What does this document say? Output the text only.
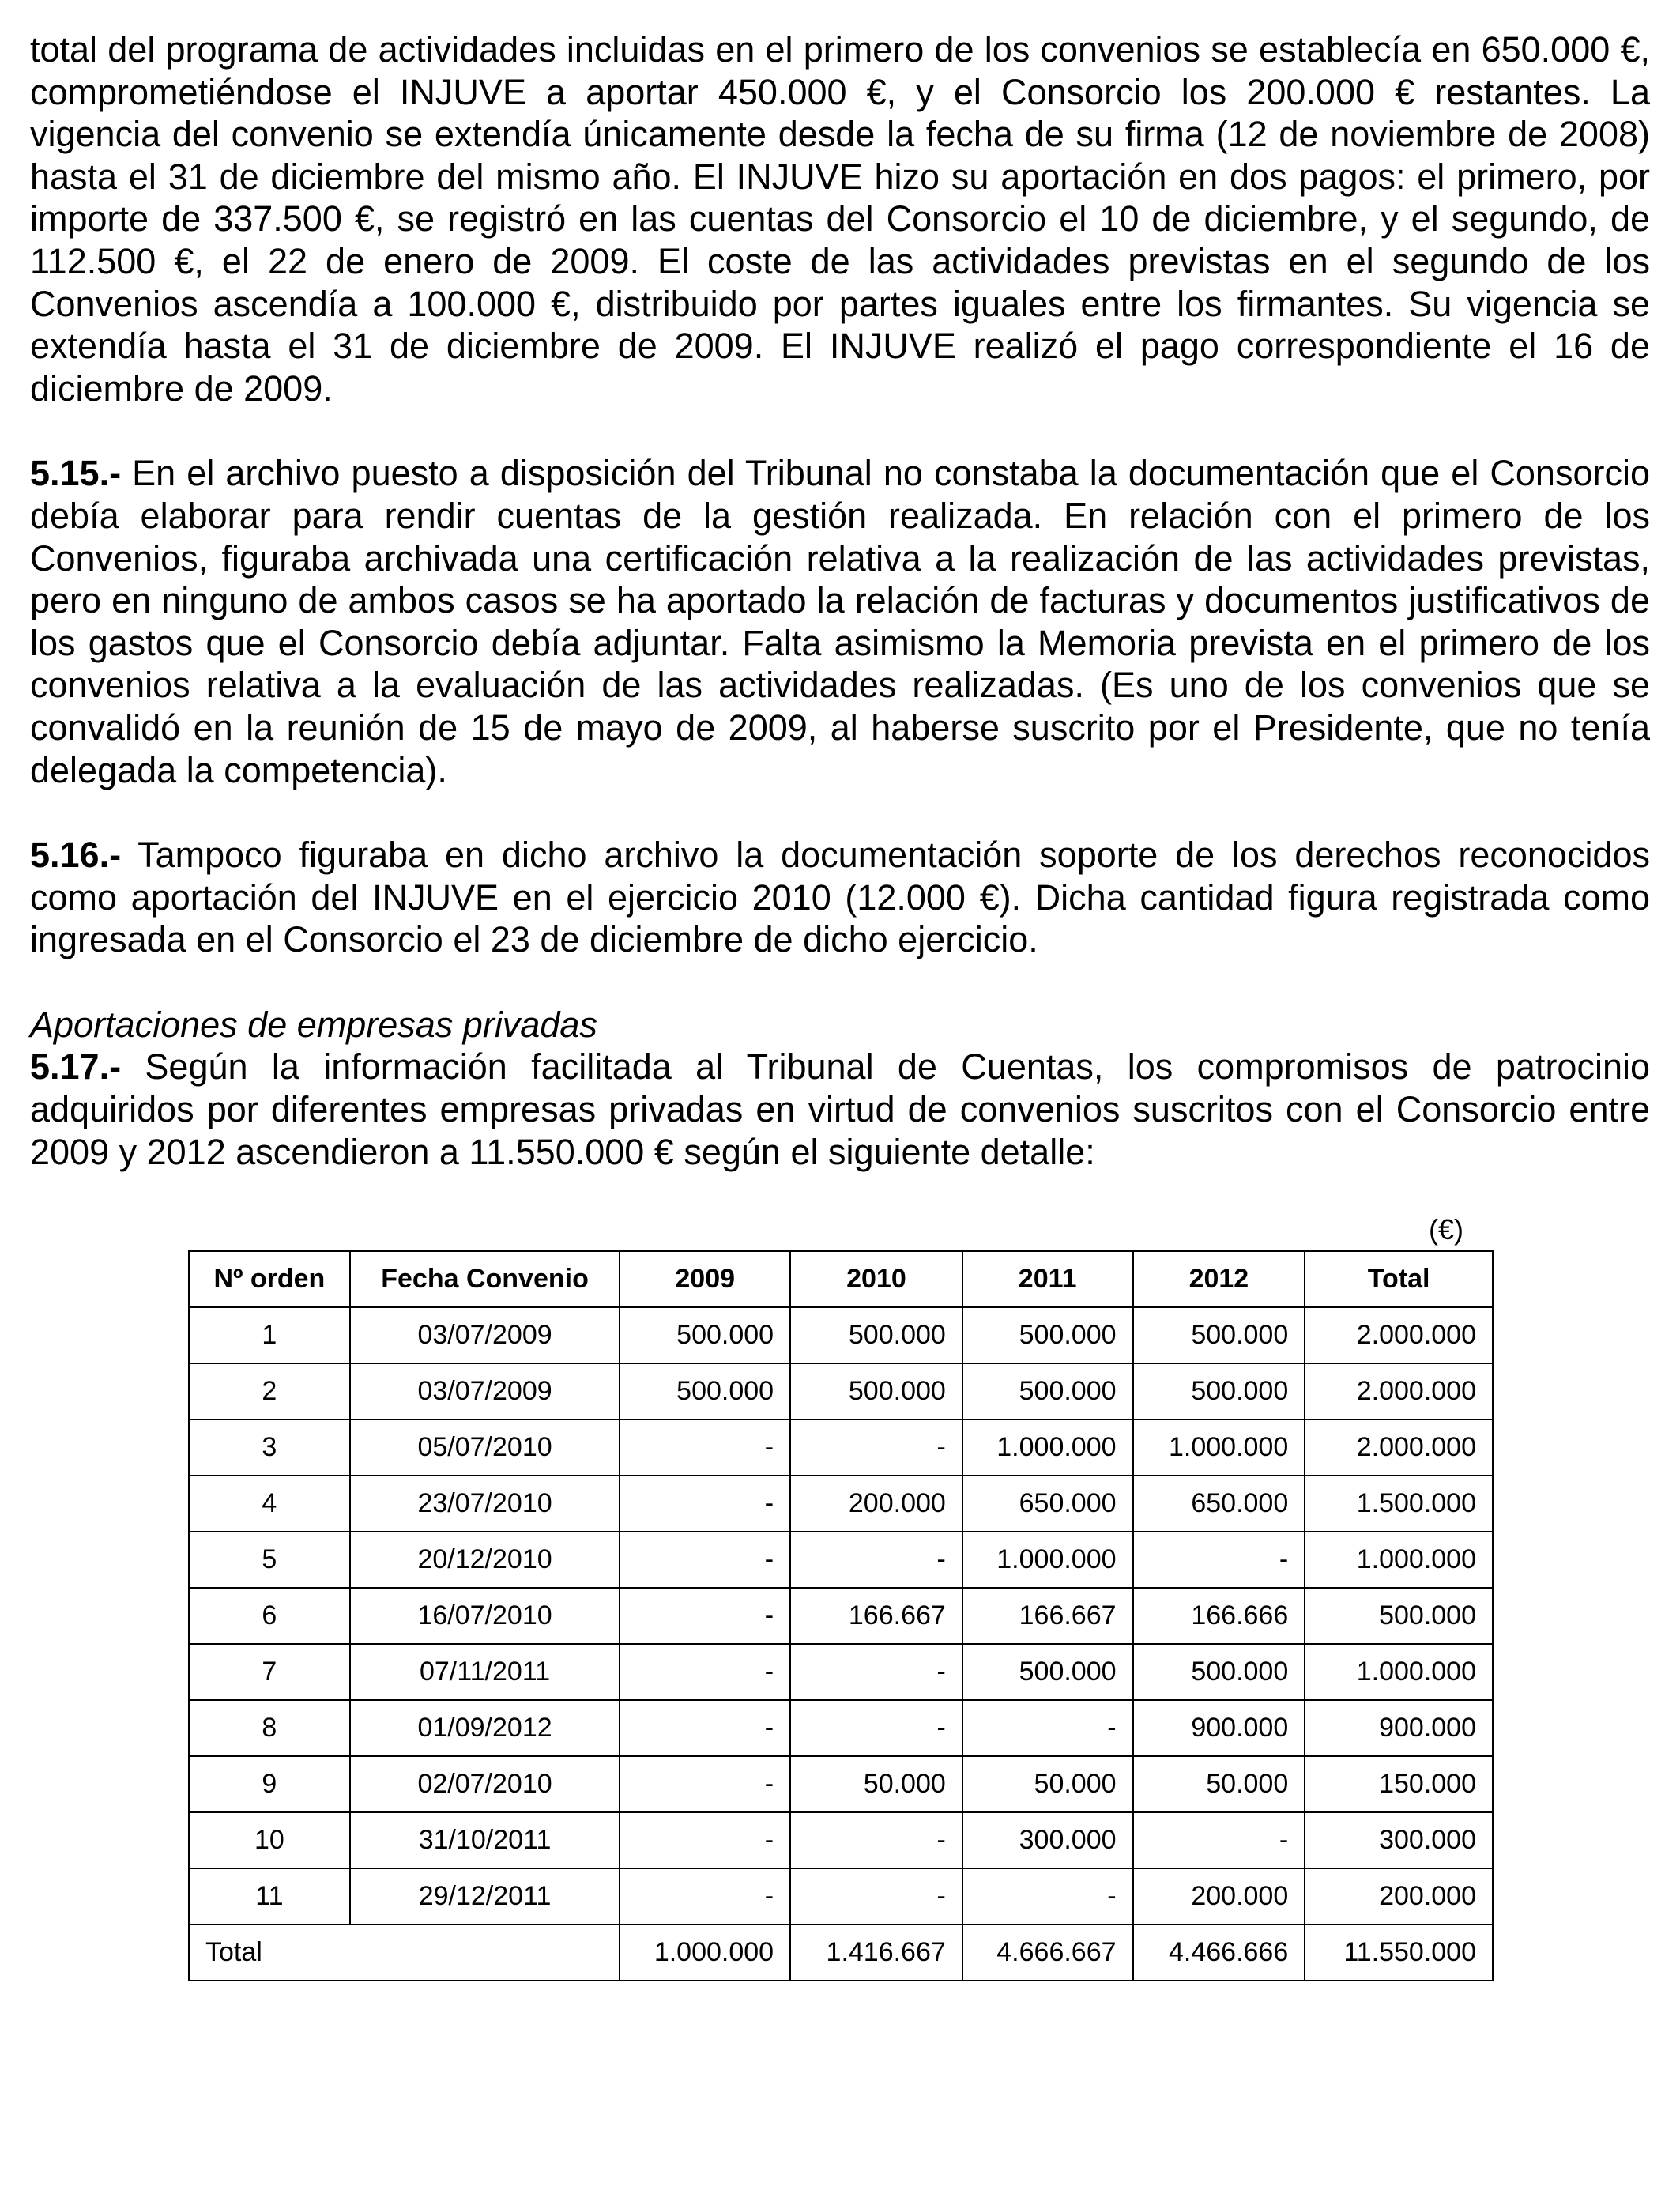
total del programa de actividades incluidas en el primero de los convenios se establecía en 650.000 €, comprometiéndose el INJUVE a aportar 450.000 €, y el Consorcio los 200.000 € restantes. La vigencia del convenio se extendía únicamente desde la fecha de su firma (12 de noviembre de 2008) hasta el 31 de diciembre del mismo año. El INJUVE hizo su aportación en dos pagos: el primero, por importe de 337.500 €, se registró en las cuentas del Consorcio el 10 de diciembre, y el segundo, de 112.500 €, el 22 de enero de 2009. El coste de las actividades previstas en el segundo de los Convenios ascendía a 100.000 €, distribuido por partes iguales entre los firmantes. Su vigencia se extendía hasta el 31 de diciembre de 2009. El INJUVE realizó el pago correspondiente el 16 de diciembre de 2009.

5.15.- En el archivo puesto a disposición del Tribunal no constaba la documentación que el Consorcio debía elaborar para rendir cuentas de la gestión realizada. En relación con el primero de los Convenios, figuraba archivada una certificación relativa a la realización de las actividades previstas, pero en ninguno de ambos casos se ha aportado la relación de facturas y documentos justificativos de los gastos que el Consorcio debía adjuntar. Falta asimismo la Memoria prevista en el primero de los convenios relativa a la evaluación de las actividades realizadas. (Es uno de los convenios que se convalidó en la reunión de 15 de mayo de 2009, al haberse suscrito por el Presidente, que no tenía delegada la competencia).

5.16.- Tampoco figuraba en dicho archivo la documentación soporte de los derechos reconocidos como aportación del INJUVE en el ejercicio 2010 (12.000 €). Dicha cantidad figura registrada como ingresada en el Consorcio el 23 de diciembre de dicho ejercicio.

Aportaciones de empresas privadas

5.17.- Según la información facilitada al Tribunal de Cuentas, los compromisos de patrocinio adquiridos por diferentes empresas privadas en virtud de convenios suscritos con el Consorcio entre 2009 y 2012 ascendieron a 11.550.000 € según el siguiente detalle:

(€)
Nº orden	Fecha Convenio	2009	2010	2011	2012	Total
1	03/07/2009	500.000	500.000	500.000	500.000	2.000.000
2	03/07/2009	500.000	500.000	500.000	500.000	2.000.000
3	05/07/2010	-	-	1.000.000	1.000.000	2.000.000
4	23/07/2010	-	200.000	650.000	650.000	1.500.000
5	20/12/2010	-	-	1.000.000	-	1.000.000
6	16/07/2010	-	166.667	166.667	166.666	500.000
7	07/11/2011	-	-	500.000	500.000	1.000.000
8	01/09/2012	-	-	-	900.000	900.000
9	02/07/2010	-	50.000	50.000	50.000	150.000
10	31/10/2011	-	-	300.000	-	300.000
11	29/12/2011	-	-	-	200.000	200.000
Total		1.000.000	1.416.667	4.666.667	4.466.666	11.550.000
